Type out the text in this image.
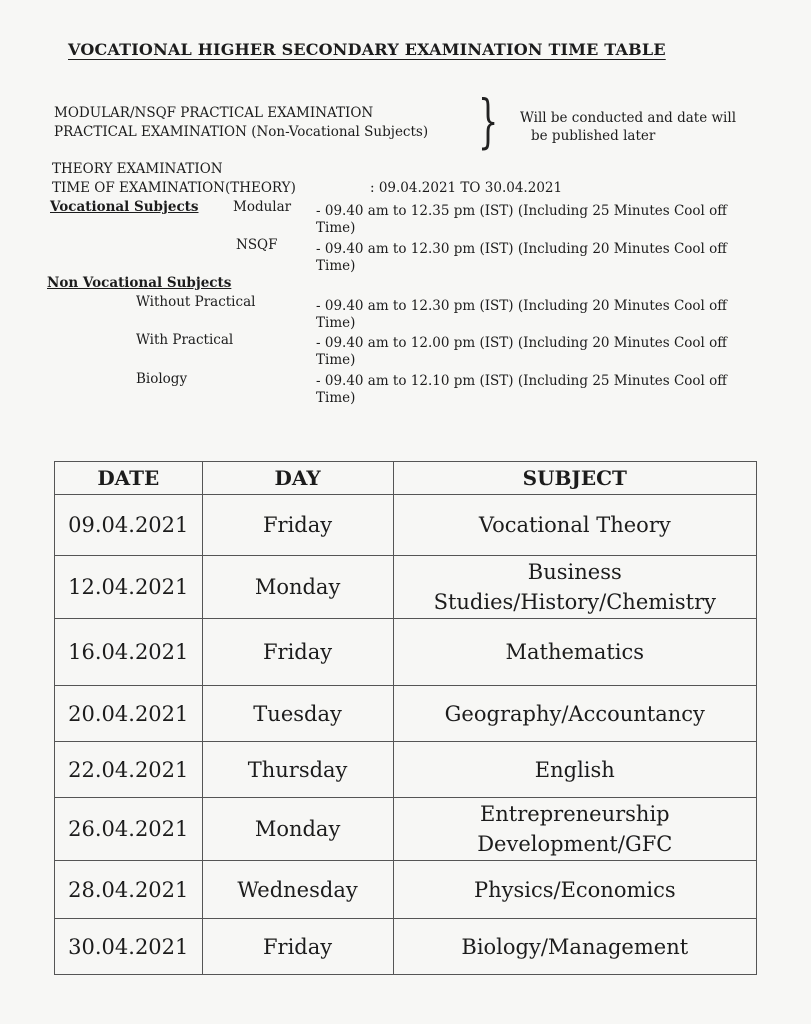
VOCATIONAL HIGHER SECONDARY EXAMINATION TIME TABLE
MODULAR/NSQF PRACTICAL EXAMINATION
PRACTICAL EXAMINATION (Non-Vocational Subjects) } Will be conducted and date will
be published later
THEORY EXAMINATION
TIME OF EXAMINATION(THEORY)	: 09.04.2021 TO 30.04.2021
Vocational Subjects	Modular - 09.40 am to 12.35 pm (IST) (Including 25 Minutes Cool off Time)
NSQF	- 09.40 am to 12.30 pm (IST) (Including 20 Minutes Cool off Time)
Non Vocational Subjects
Without Practical	- 09.40 am to 12.30 pm (IST) (Including 20 Minutes Cool off Time)
With Practical	- 09.40 am to 12.00 pm (IST) (Including 20 Minutes Cool off Time)
Biology	- 09.40 am to 12.10 pm (IST) (Including 25 Minutes Cool off Time)
DATE	DAY	SUBJECT
09.04.2021	Friday	Vocational Theory
12.04.2021	Monday	Business Studies/History/Chemistry
16.04.2021	Friday	Mathematics
20.04.2021	Tuesday	Geography/Accountancy
22.04.2021	Thursday	English
26.04.2021	Monday	Entrepreneurship Development/GFC
28.04.2021	Wednesday	Physics/Economics
30.04.2021	Friday	Biology/Management
